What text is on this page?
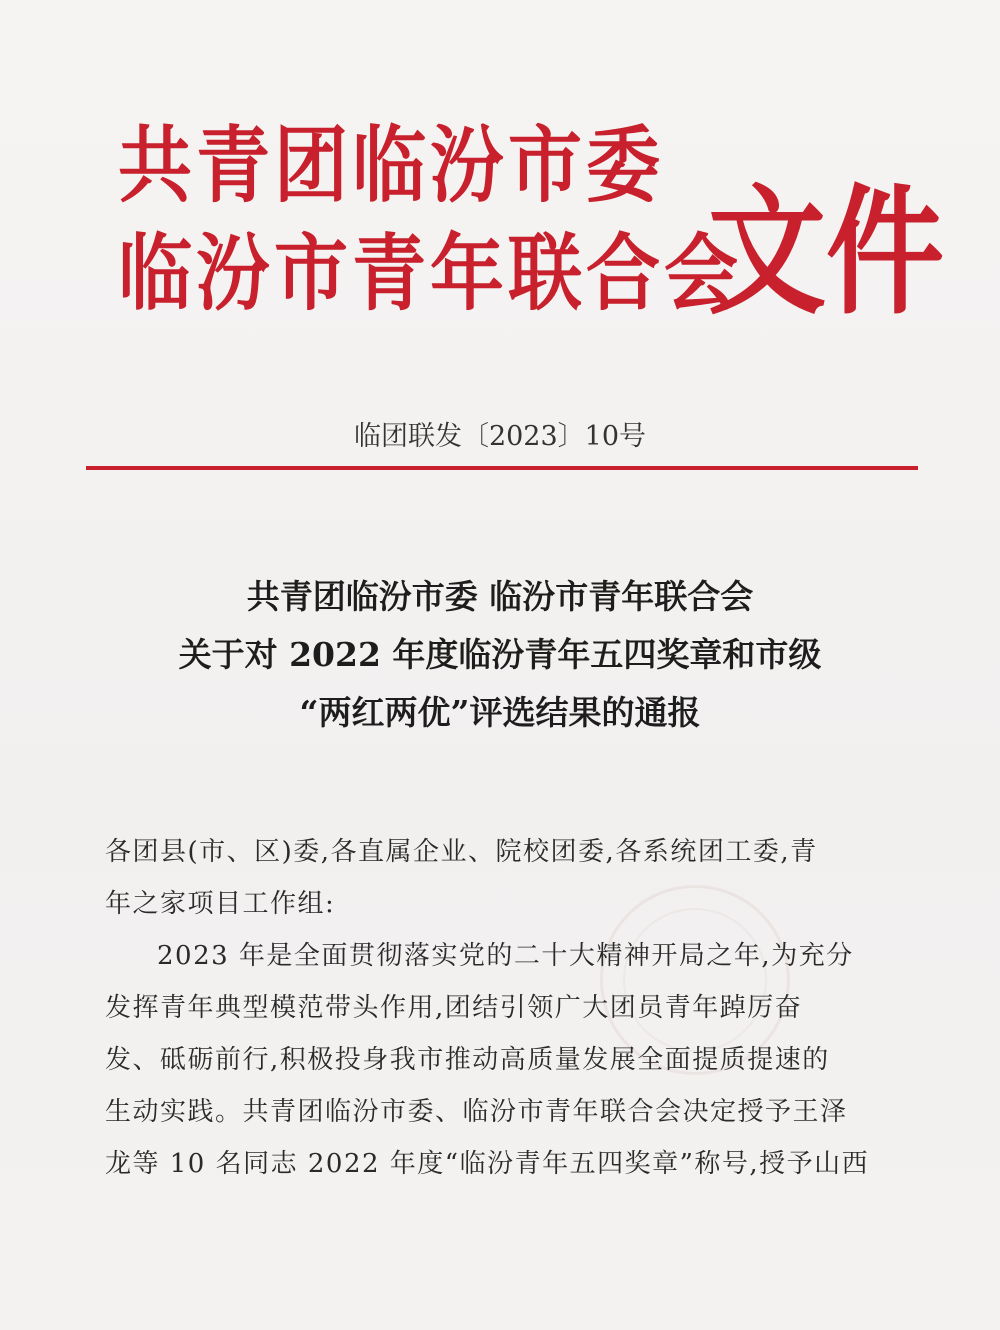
共青团临汾市委
临汾市青年联合会
文件
临团联发〔2023〕10号
共青团临汾市委 临汾市青年联合会
关于对 2022 年度临汾青年五四奖章和市级
“两红两优”评选结果的通报

各团县(市、区)委,各直属企业、院校团委,各系统团工委,青

年之家项目工作组:

2023 年是全面贯彻落实党的二十大精神开局之年,为充分

发挥青年典型模范带头作用,团结引领广大团员青年踔厉奋

发、砥砺前行,积极投身我市推动高质量发展全面提质提速的

生动实践。共青团临汾市委、临汾市青年联合会决定授予王泽

龙等 10 名同志 2022 年度“临汾青年五四奖章”称号,授予山西
